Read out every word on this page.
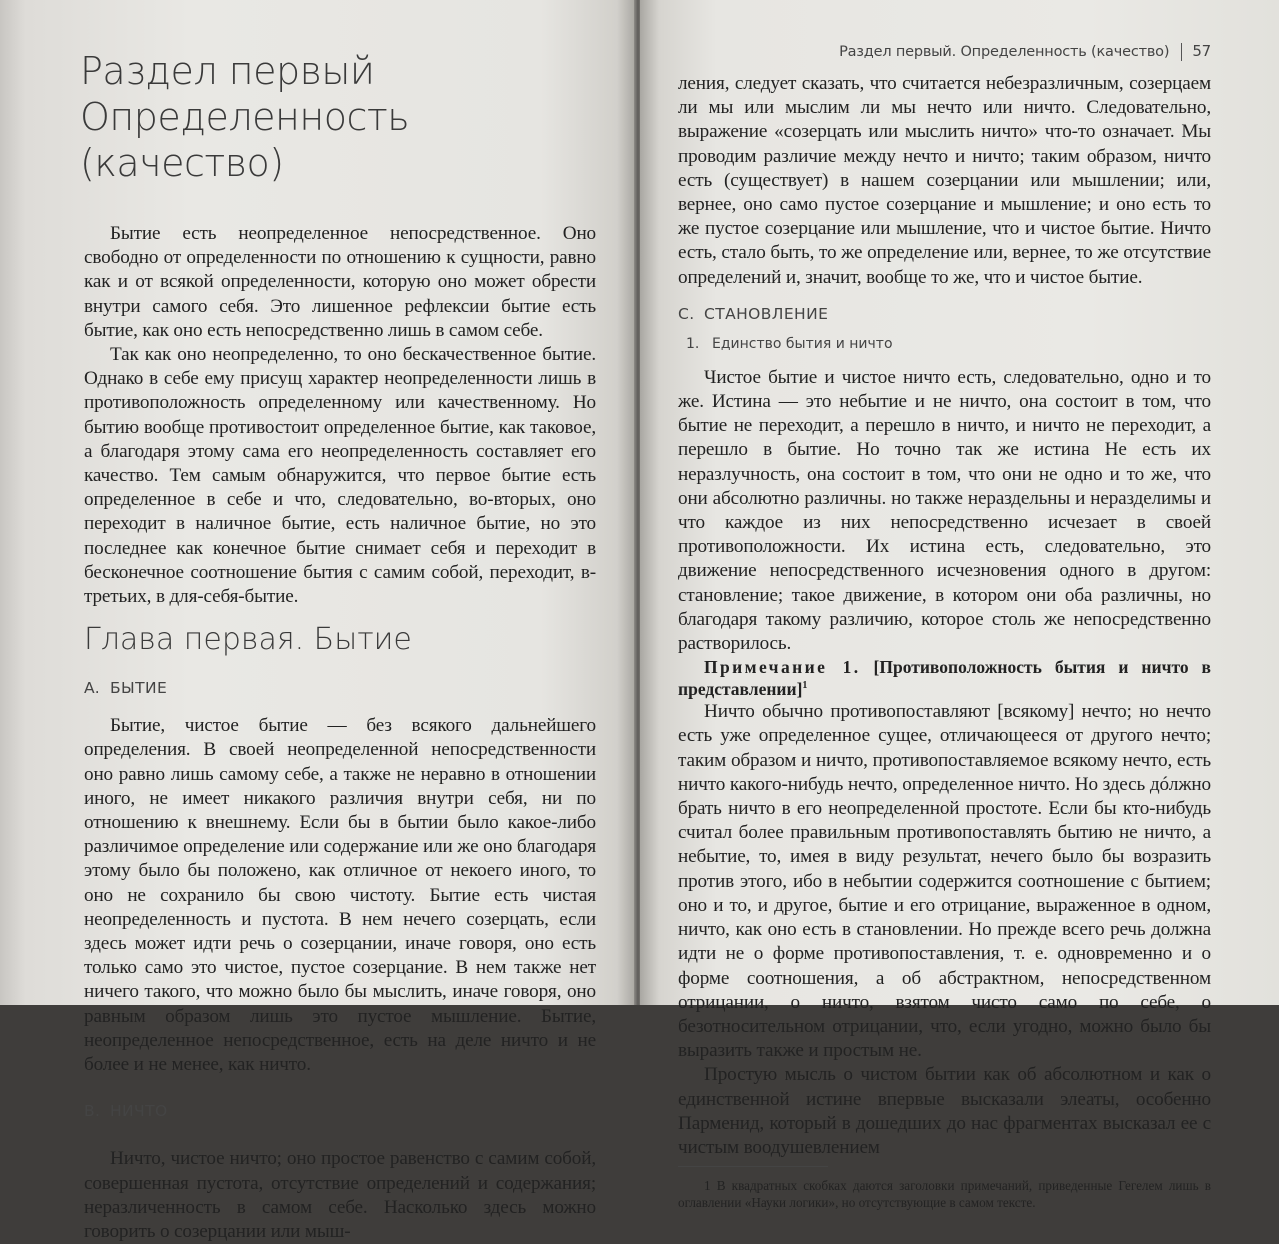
Раздел первый
Определенность (качество)

Бытие есть неопределенное непосредственное. Оно свободно от определенности по отношению к сущности, равно как и от всякой определенности, которую оно может обрести внутри самого себя. Это лишенное рефлексии бытие есть бытие, как оно есть непосредственно лишь в самом себе.

Так как оно неопределенно, то оно бескачественное бытие. Однако в себе ему присущ характер неопределенности лишь в противоположность определенному или качественному. Но бытию вообще противостоит определенное бытие, как таковое, а благодаря этому сама его неопределенность составляет его качество. Тем самым обнаружится, что первое бытие есть определенное в себе и что, следовательно, во-вторых, оно переходит в наличное бытие, есть наличное бытие, но это последнее как конечное бытие снимает себя и переходит в бесконечное соотношение бытия с самим собой, переходит, в-третьих, в для-себя-бытие.

Глава первая. Бытие
A. БЫТИЕ

Бытие, чистое бытие — без всякого дальнейшего определения. В своей неопределенной непосредственности оно равно лишь самому себе, а также не неравно в отношении иного, не имеет никакого различия внутри себя, ни по отношению к внешнему. Если бы в бытии было какое-либо различимое определение или содержание или же оно благодаря этому было бы положено, как отличное от некоего иного, то оно не сохранило бы свою чистоту. Бытие есть чистая неопределенность и пустота. В нем нечего созерцать, если здесь может идти речь о созерцании, иначе говоря, оно есть только само это чистое, пустое созерцание. В нем также нет ничего такого, что можно было бы мыслить, иначе говоря, оно равным образом лишь это пустое мышление. Бытие, неопределенное непосредственное, есть на деле ничто и не более и не менее, как ничто.

B. НИЧТО

Ничто, чистое ничто; оно простое равенство с самим собой, совершенная пустота, отсутствие определений и содержания; неразличенность в самом себе. Насколько здесь можно говорить о созерцании или мыш-

Раздел первый. Определенность (качество) 57

ления, следует сказать, что считается небезразличным, созерцаем ли мы или мыслим ли мы нечто или ничто. Следовательно, выражение «созерцать или мыслить ничто» что-то означает. Мы проводим различие между нечто и ничто; таким образом, ничто есть (существует) в нашем созерцании или мышлении; или, вернее, оно само пустое созерцание и мышление; и оно есть то же пустое созерцание или мышление, что и чистое бытие. Ничто есть, стало быть, то же определение или, вернее, то же отсутствие определений и, значит, вообще то же, что и чистое бытие.

C. СТАНОВЛЕНИЕ
1. Единство бытия и ничто

Чистое бытие и чистое ничто есть, следовательно, одно и то же. Истина — это небытие и не ничто, она состоит в том, что бытие не переходит, а перешло в ничто, и ничто не переходит, а перешло в бытие. Но точно так же истина Не есть их неразлучность, она состоит в том, что они не одно и то же, что они абсолютно различны. но также нераздельны и неразделимы и что каждое из них непосредственно исчезает в своей противоположности. Их истина есть, следовательно, это движение непосредственного исчезновения одного в другом: становление; такое движение, в котором они оба различны, но благодаря такому различию, которое столь же непосредственно растворилось.

Примечание 1. [Противоположность бытия и ничто в представлении]$^1$

Ничто обычно противопоставляют [всякому] нечто; но нечто есть уже определенное сущее, отличающееся от другого нечто; таким образом и ничто, противопоставляемое всякому нечто, есть ничто какого-нибудь нечто, определенное ничто. Но здесь дóлжно брать ничто в его неопределенной простоте. Если бы кто-нибудь считал более правильным противопоставлять бытию не ничто, а небытие, то, имея в виду результат, нечего было бы возразить против этого, ибо в небытии содержится соотношение с бытием; оно и то, и другое, бытие и его отрицание, выраженное в одном, ничто, как оно есть в становлении. Но прежде всего речь должна идти не о форме противопоставления, т. е. одновременно и о форме соотношения, а об абстрактном, непосредственном отрицании, о ничто, взятом чисто само по себе, о безотносительном отрицании, что, если угодно, можно было бы выразить также и простым не.

Простую мысль о чистом бытии как об абсолютном и как о единственной истине впервые высказали элеаты, особенно Парменид, который в дошедших до нас фрагментах высказал ее с чистым воодушевлением

1 В квадратных скобках даются заголовки примечаний, приведенные Гегелем лишь в оглавлении «Науки логики», но отсутствующие в самом тексте.
